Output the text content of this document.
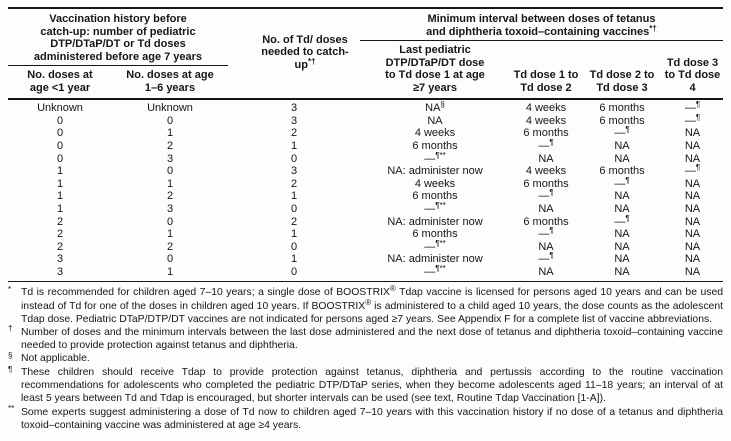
Vaccination history before catch-up: number of pediatric DTP/DTaP/DT or Td doses administered before age 7 years
No. doses at age <1 year
No. doses at age 1–6 years
No. of Td/ doses needed to catch-up*†
Minimum interval between doses of tetanus and diphtheria toxoid–containing vaccines*†
Last pediatric DTP/DTaP/DT dose to Td dose 1 at age ≥7 years
Td dose 1 to Td dose 2
Td dose 2 to Td dose 3
Td dose 3 to Td dose 4
Unknown	Unknown	3	NA§	4 weeks	6 months	—¶
0	0	3	NA	4 weeks	6 months	—¶
0	1	2	4 weeks	6 months	—¶	NA
0	2	1	6 months	—¶	NA	NA
0	3	0	—¶**	NA	NA	NA
1	0	3	NA: administer now	4 weeks	6 months	—¶
1	1	2	4 weeks	6 months	—¶	NA
1	2	1	6 months	—¶	NA	NA
1	3	0	—¶**	NA	NA	NA
2	0	2	NA: administer now	6 months	—¶	NA
2	1	1	6 months	—¶	NA	NA
2	2	0	—¶**	NA	NA	NA
3	0	1	NA: administer now	—¶	NA	NA
3	1	0	—¶**	NA	NA	NA
* Td is recommended for children aged 7–10 years; a single dose of BOOSTRIX® Tdap vaccine is licensed for persons aged 10 years and can be used instead of Td for one of the doses in children aged 10 years. If BOOSTRIX® is administered to a child aged 10 years, the dose counts as the adolescent Tdap dose. Pediatric DTaP/DTP/DT vaccines are not indicated for persons aged ≥7 years. See Appendix F for a complete list of vaccine abbreviations.
† Number of doses and the minimum intervals between the last dose administered and the next dose of tetanus and diphtheria toxoid–containing vaccine needed to provide protection against tetanus and diphtheria.
§ Not applicable.
¶ These children should receive Tdap to provide protection against tetanus, diphtheria and pertussis according to the routine vaccination recommendations for adolescents who completed the pediatric DTP/DTaP series, when they become adolescents aged 11–18 years; an interval of at least 5 years between Td and Tdap is encouraged, but shorter intervals can be used (see text, Routine Tdap Vaccination [1-A]).
** Some experts suggest administering a dose of Td now to children aged 7–10 years with this vaccination history if no dose of a tetanus and diphtheria toxoid–containing vaccine was administered at age ≥4 years.
